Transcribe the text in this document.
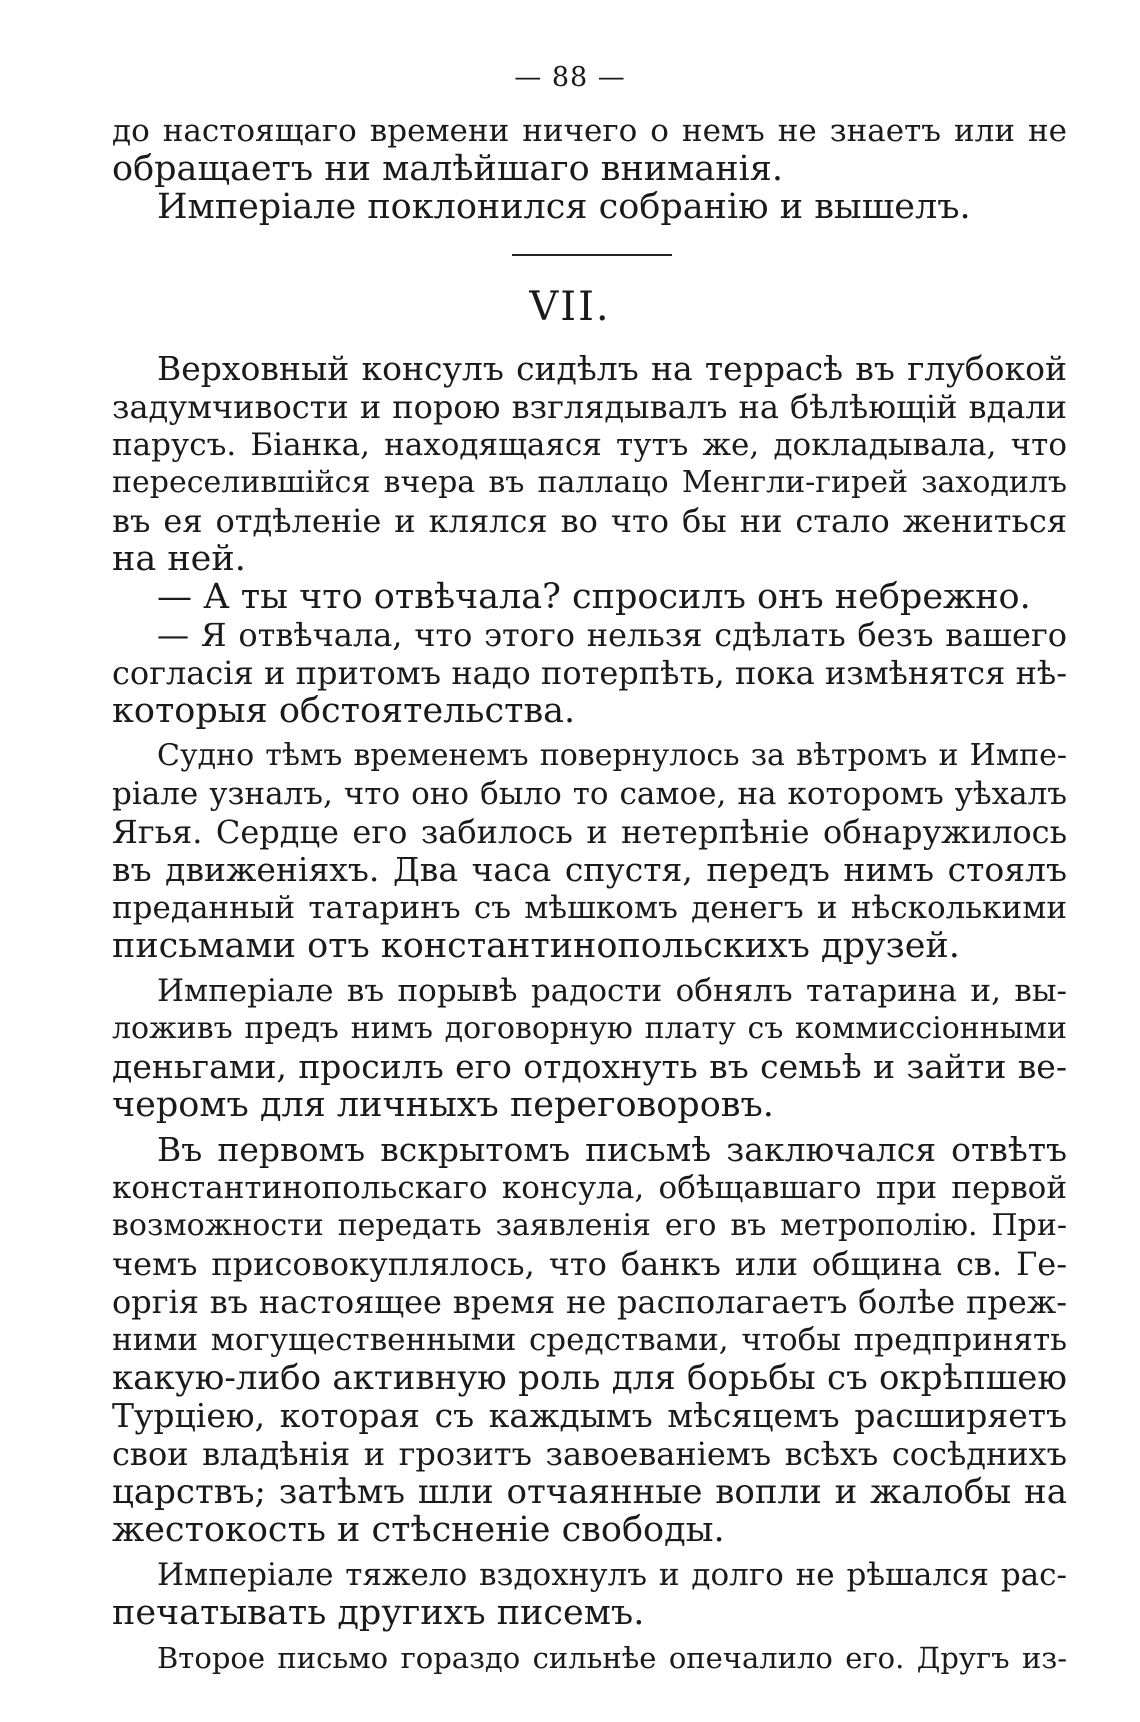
— 88 —
до настоящаго времени ничего о немъ не знаетъ или не
обращаетъ ни малѣйшаго вниманія.
Имперіале поклонился собранію и вышелъ.
VII.
Верховный консулъ сидѣлъ на террасѣ въ глубокой
задумчивости и порою взглядывалъ на бѣлѣющій вдали
парусъ. Біанка, находящаяся тутъ же, докладывала, что
переселившійся вчера въ паллацо Менгли-гирей заходилъ
въ ея отдѣленіе и клялся во что бы ни стало жениться
на ней.
— А ты что отвѣчала? спросилъ онъ небрежно.
— Я отвѣчала, что этого нельзя сдѣлать безъ вашего
согласія и притомъ надо потерпѣть, пока измѣнятся нѣ-
которыя обстоятельства.
Судно тѣмъ временемъ повернулось за вѣтромъ и Импе-
ріале узналъ, что оно было то самое, на которомъ уѣхалъ
Ягья. Сердце его забилось и нетерпѣніе обнаружилось
въ движеніяхъ. Два часа спустя, передъ нимъ стоялъ
преданный татаринъ съ мѣшкомъ денегъ и нѣсколькими
письмами отъ константинопольскихъ друзей.
Имперіале въ порывѣ радости обнялъ татарина и, вы-
ложивъ предъ нимъ договорную плату съ коммиссіонными
деньгами, просилъ его отдохнуть въ семьѣ и зайти ве-
черомъ для личныхъ переговоровъ.
Въ первомъ вскрытомъ письмѣ заключался отвѣтъ
константинопольскаго консула, обѣщавшаго при первой
возможности передать заявленія его въ метрополію. При-
чемъ присовокуплялось, что банкъ или община св. Ге-
оргія въ настоящее время не располагаетъ болѣе преж-
ними могущественными средствами, чтобы предпринять
какую-либо активную роль для борьбы съ окрѣпшею
Турціею, которая съ каждымъ мѣсяцемъ расширяетъ
свои владѣнія и грозитъ завоеваніемъ всѣхъ сосѣднихъ
царствъ; затѣмъ шли отчаянные вопли и жалобы на
жестокость и стѣсненіе свободы.
Имперіале тяжело вздохнулъ и долго не рѣшался рас-
печатывать другихъ писемъ.
Второе письмо гораздо сильнѣе опечалило его. Другъ из-
